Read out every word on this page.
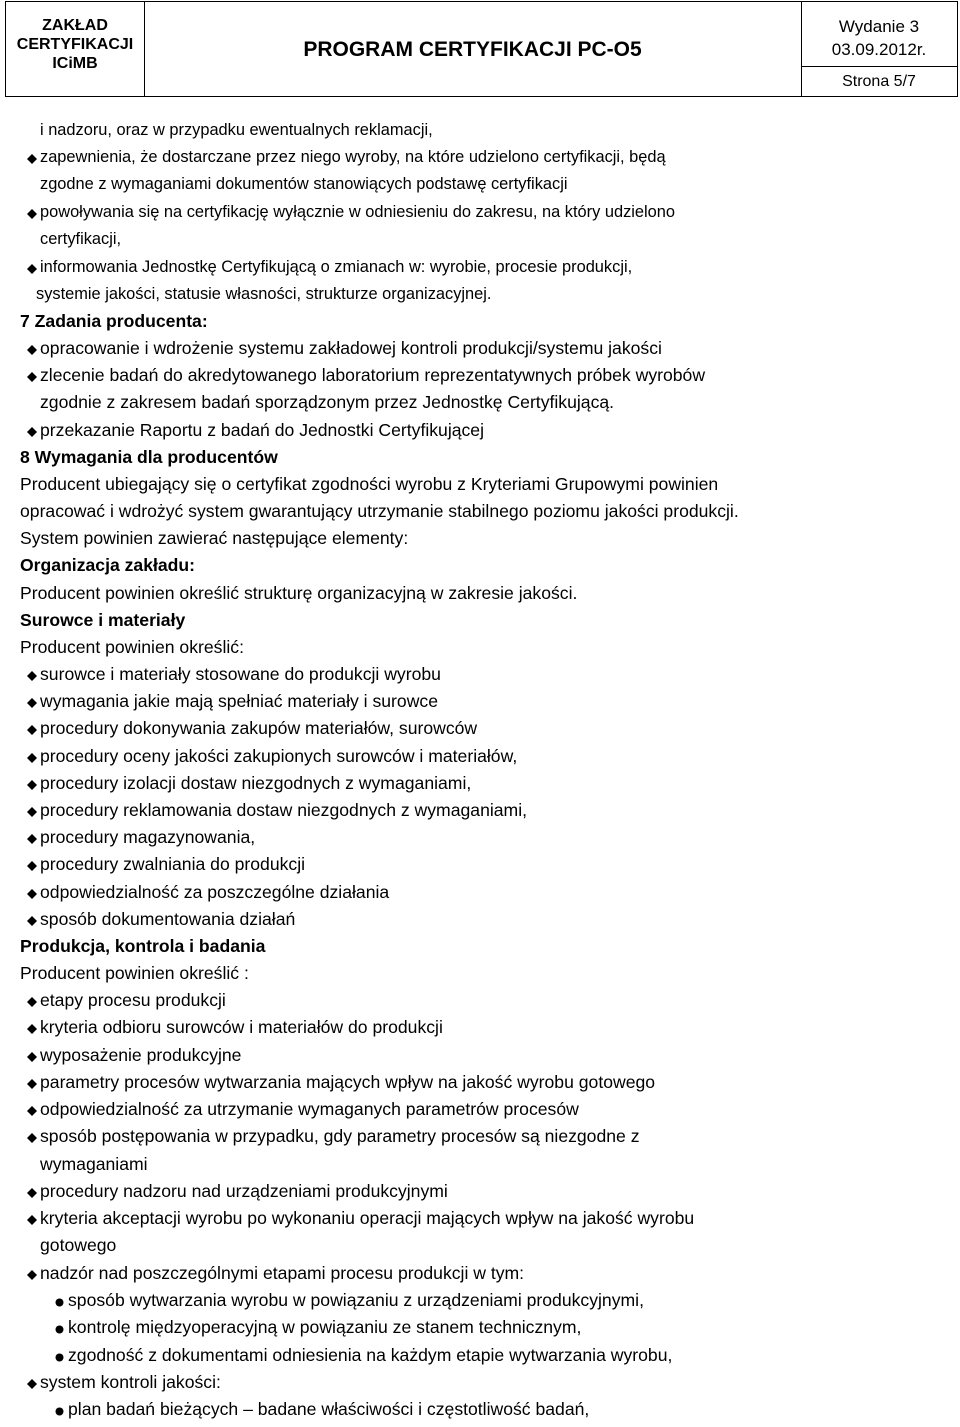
ZAKŁAD
CERTYFIKACJI
ICiMB
PROGRAM CERTYFIKACJI PC-O5
Wydanie 3
03.09.2012r.
Strona 5/7
i nadzoru, oraz w przypadku ewentualnych reklamacji,
zapewnienia, że dostarczane przez niego wyroby, na które udzielono certyfikacji, będą
zgodne z wymaganiami dokumentów stanowiących podstawę certyfikacji
powoływania się na certyfikację wyłącznie w odniesieniu do zakresu, na który udzielono
certyfikacji,
informowania Jednostkę Certyfikującą o zmianach w: wyrobie, procesie produkcji,
systemie jakości, statusie własności, strukturze organizacyjnej.
7 Zadania producenta:
opracowanie i wdrożenie systemu zakładowej kontroli produkcji/systemu jakości
zlecenie badań do akredytowanego laboratorium reprezentatywnych próbek wyrobów
zgodnie z zakresem badań sporządzonym przez Jednostkę Certyfikującą.
przekazanie Raportu z badań do Jednostki Certyfikującej
8 Wymagania dla producentów
Producent ubiegający się o certyfikat zgodności wyrobu z Kryteriami Grupowymi powinien
opracować i wdrożyć system gwarantujący utrzymanie stabilnego poziomu jakości produkcji.
System powinien zawierać następujące elementy:
Organizacja zakładu:
Producent powinien określić strukturę organizacyjną w zakresie jakości.
Surowce i materiały
Producent powinien określić:
surowce i materiały stosowane do produkcji wyrobu
wymagania jakie mają spełniać materiały i surowce
procedury dokonywania zakupów materiałów, surowców
procedury oceny jakości zakupionych surowców i materiałów,
procedury izolacji dostaw niezgodnych z wymaganiami,
procedury reklamowania dostaw niezgodnych z wymaganiami,
procedury magazynowania,
procedury zwalniania do produkcji
odpowiedzialność za poszczególne działania
sposób dokumentowania działań
Produkcja, kontrola i badania
Producent powinien określić :
etapy procesu produkcji
kryteria odbioru surowców i materiałów do produkcji
wyposażenie produkcyjne
parametry procesów wytwarzania mających wpływ na jakość wyrobu gotowego
odpowiedzialność za utrzymanie wymaganych parametrów procesów
sposób postępowania w przypadku, gdy parametry procesów są niezgodne z
wymaganiami
procedury nadzoru nad urządzeniami produkcyjnymi
kryteria akceptacji wyrobu po wykonaniu operacji mających wpływ na jakość wyrobu
gotowego
nadzór nad poszczególnymi etapami procesu produkcji w tym:
sposób wytwarzania wyrobu w powiązaniu z urządzeniami produkcyjnymi,
kontrolę międzyoperacyjną w powiązaniu ze stanem technicznym,
zgodność z dokumentami odniesienia na każdym etapie wytwarzania wyrobu,
system kontroli jakości:
plan badań bieżących – badane właściwości i częstotliwość badań,
